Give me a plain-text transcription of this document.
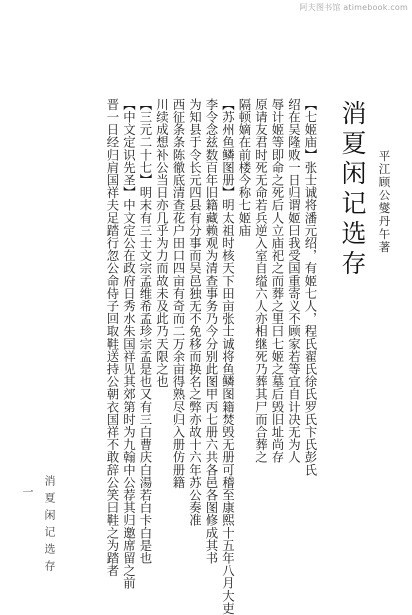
阿夫图书馆 atimebook.com
消夏闲记选存 平江顾公燮丹午著
【七姬庙】张士诚将潘元绍，有姬七人，程氏翟氏徐氏罗氏卞氏彭氏
绍在吴隆败一日归谓姬曰我受国重寄义不顾家若等宜自计决无为人
辱计姬等即命之死后人立庙祀之而葬之里曰七姬之墓后毁旧址尚存
原请友君时死无命若兵逆入室自缢六人亦相继死乃葬其尸而合葬之
隔顿嫡在前楼今称七姬庙
【苏州鱼鳞图册】明太祖时核天下田亩张士诚将鱼鳞图籍焚毁无册可稽至康熙十五年八月大吏
李令念兹数百年旧籍藏赖观为清查事务乃今分别此图甲丙七册六共各邑各图修成其书
为知县于令长元四县有分事而吴邑独无不免移而换名之弊亦故十六年苏公奏准
西征条条陈徹底清查花户田口四亩有奇而二万余亩得熟尽归入册仿册籍
川续成想补公当日亦几乎为力而故未及此乃天限之也
【三元二十七】明末有三士文宗孟维希孟珍宗孟是也又有三白曹庆白湯若白卡白是也
【中文定识先圣】中文定公在政府日秀水朱国祥见其郊第时为九翰中公荐其归邀席留之前
晋一日经归肩国祥夫足踏行忽公命侍子回取鞋送持公朝衣国祥不敢辞公笑曰鞋之为踏者
消夏闲记选存
一
